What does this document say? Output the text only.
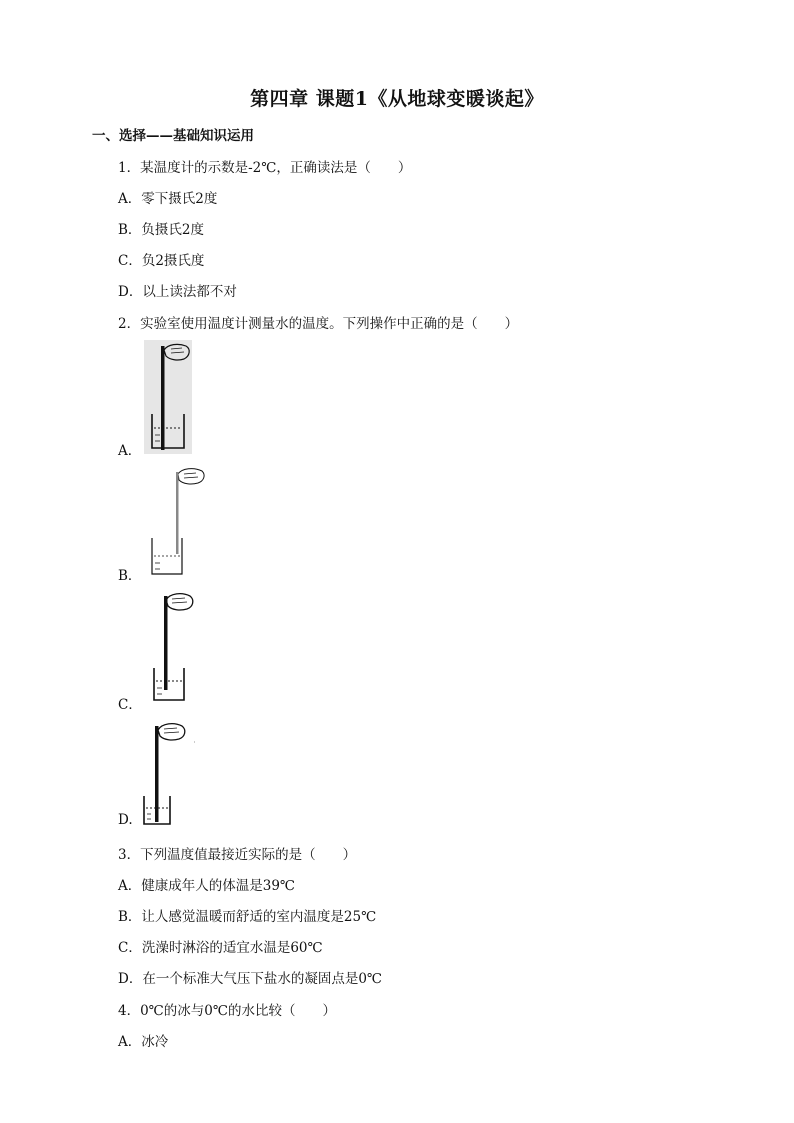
第四章 课题1《从地球变暖谈起》
一、选择——基础知识运用
1．某温度计的示数是-2℃，正确读法是（　　）
A．零下摄氏2度
B．负摄氏2度
C．负2摄氏度
D．以上读法都不对
2．实验室使用温度计测量水的温度。下列操作中正确的是（　　）
A．
B．
C．
D.
3．下列温度值最接近实际的是（　　）
A．健康成年人的体温是39℃
B．让人感觉温暖而舒适的室内温度是25℃
C．洗澡时淋浴的适宜水温是60℃
D．在一个标准大气压下盐水的凝固点是0℃
4．0℃的冰与0℃的水比较（　　）
A．冰冷
